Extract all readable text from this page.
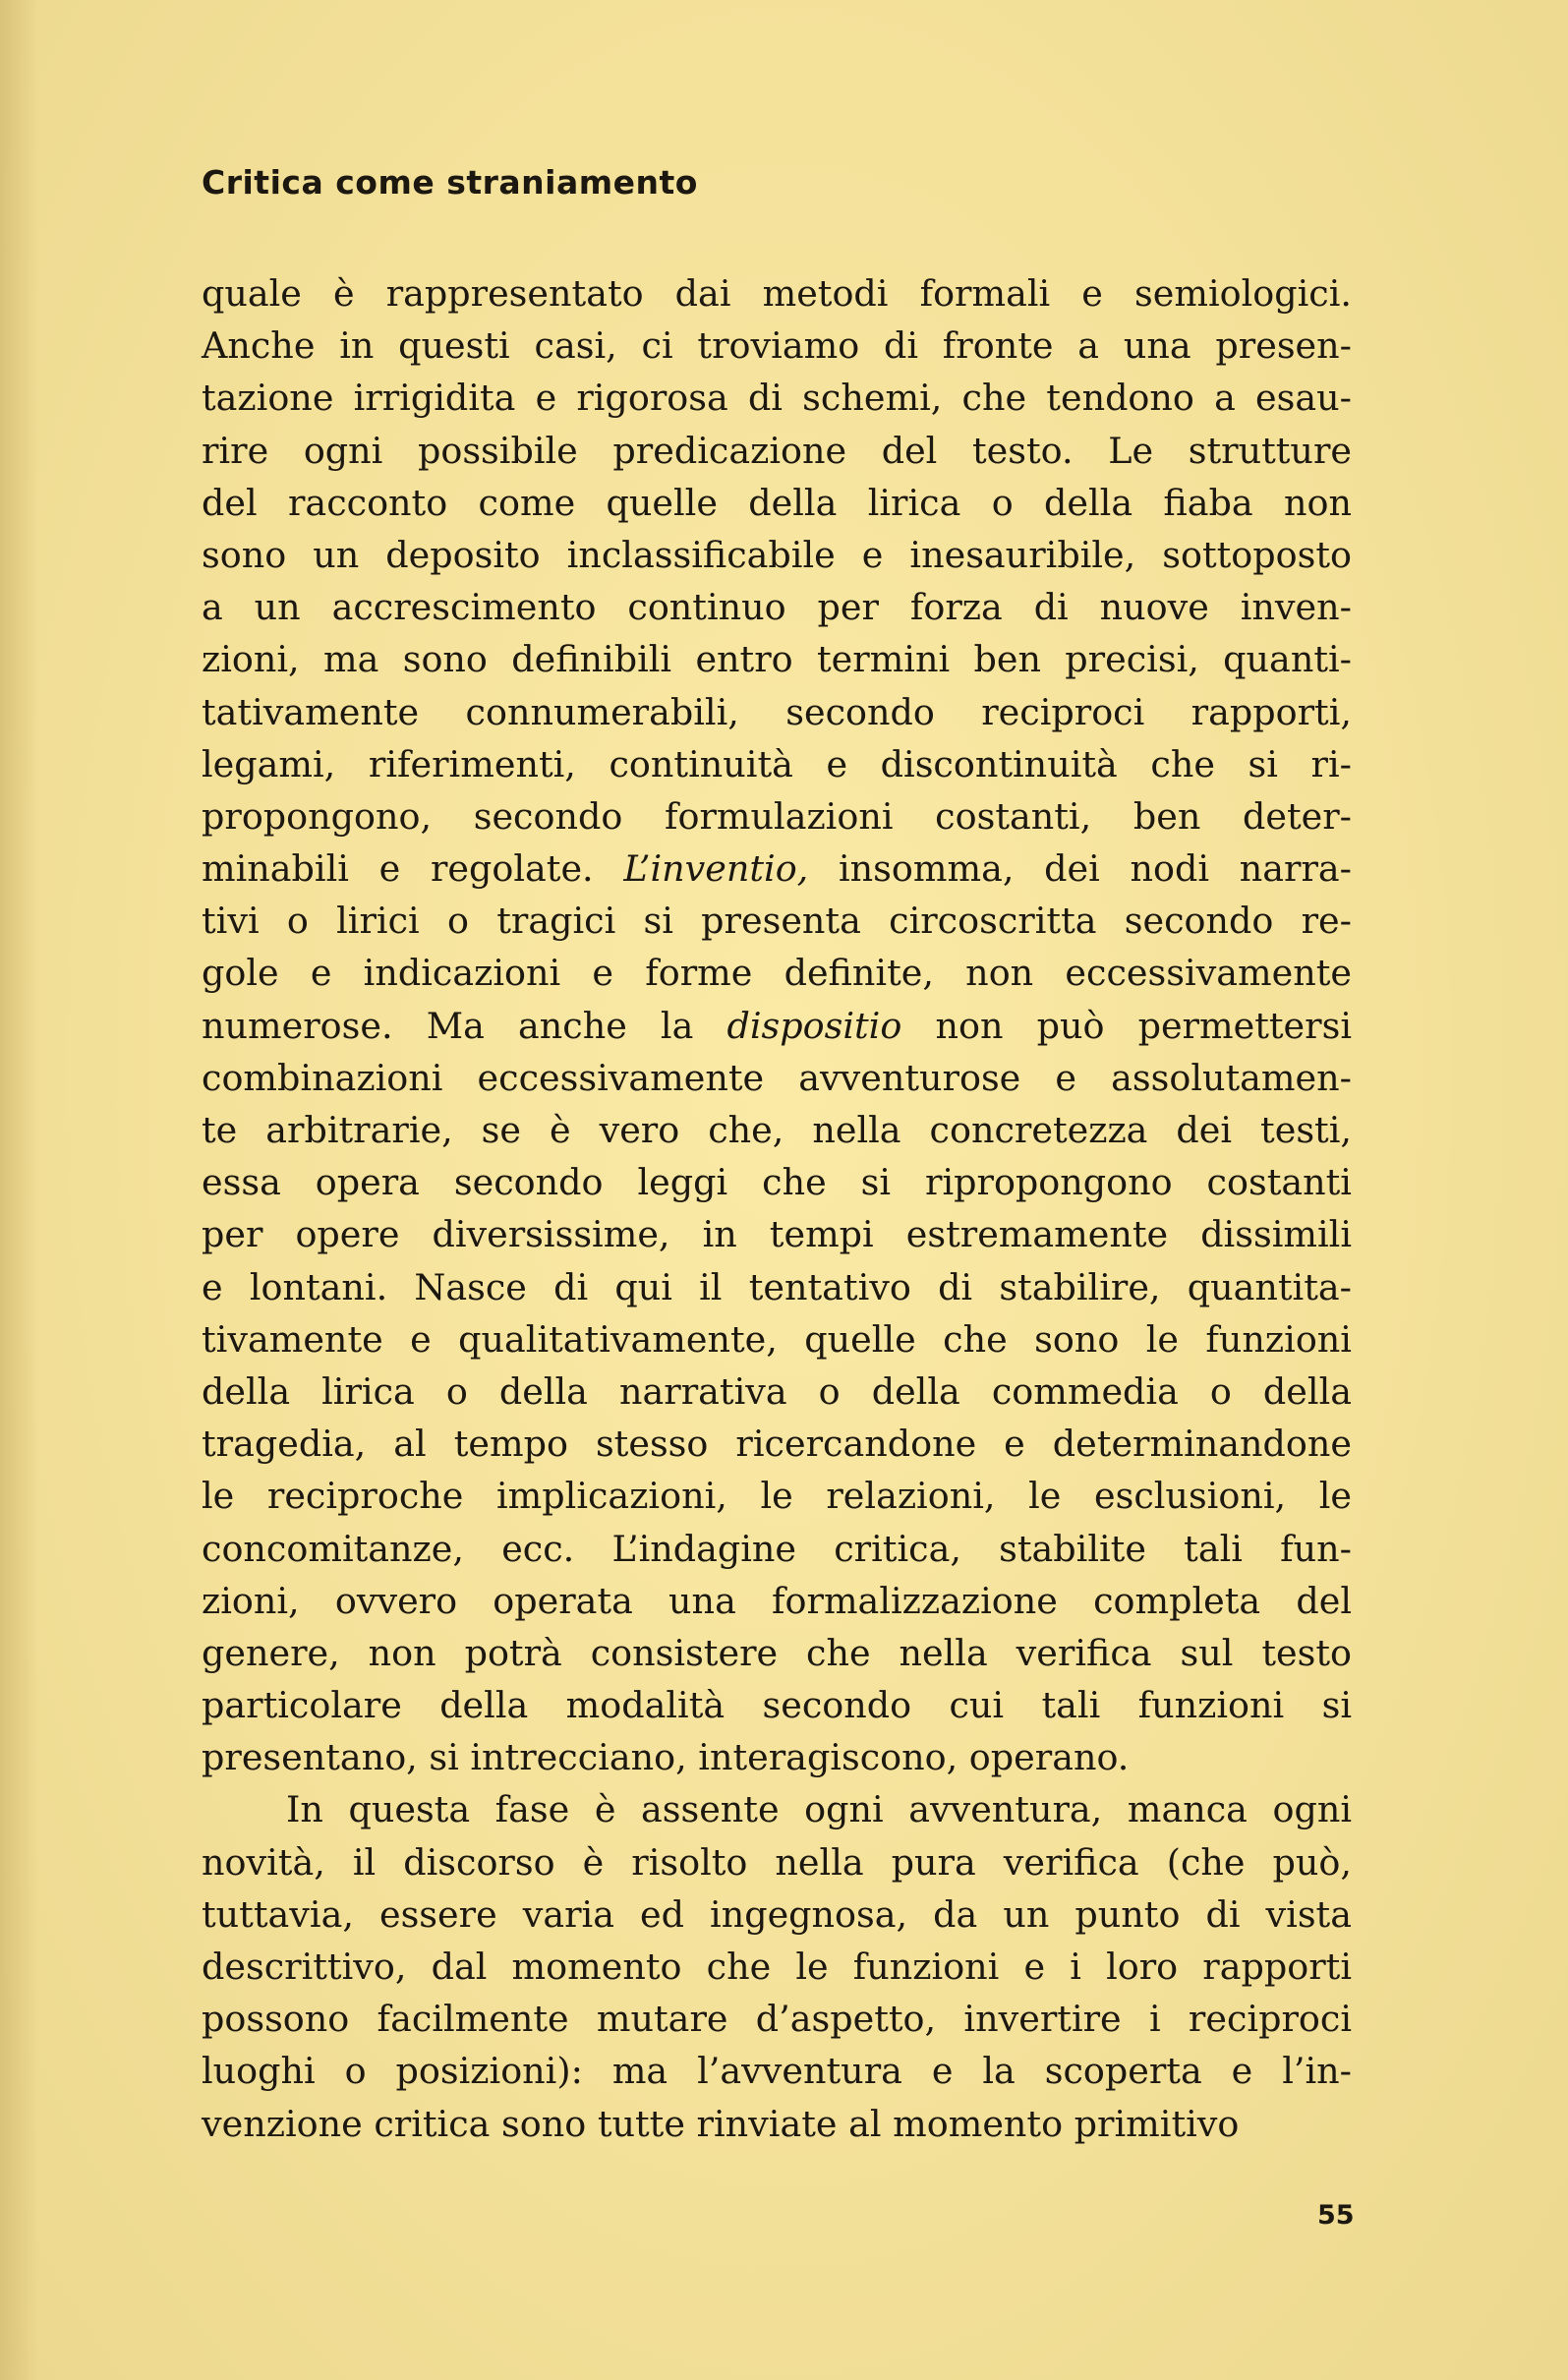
Critica come straniamento
quale è rappresentato dai metodi formali e semiologici.
Anche in questi casi, ci troviamo di fronte a una presen-
tazione irrigidita e rigorosa di schemi, che tendono a esau-
rire ogni possibile predicazione del testo. Le strutture
del racconto come quelle della lirica o della fiaba non
sono un deposito inclassificabile e inesauribile, sottoposto
a un accrescimento continuo per forza di nuove inven-
zioni, ma sono definibili entro termini ben precisi, quanti-
tativamente connumerabili, secondo reciproci rapporti,
legami, riferimenti, continuità e discontinuità che si ri-
propongono, secondo formulazioni costanti, ben deter-
minabili e regolate. L’inventio, insomma, dei nodi narra-
tivi o lirici o tragici si presenta circoscritta secondo re-
gole e indicazioni e forme definite, non eccessivamente
numerose. Ma anche la dispositio non può permettersi
combinazioni eccessivamente avventurose e assolutamen-
te arbitrarie, se è vero che, nella concretezza dei testi,
essa opera secondo leggi che si ripropongono costanti
per opere diversissime, in tempi estremamente dissimili
e lontani. Nasce di qui il tentativo di stabilire, quantita-
tivamente e qualitativamente, quelle che sono le funzioni
della lirica o della narrativa o della commedia o della
tragedia, al tempo stesso ricercandone e determinandone
le reciproche implicazioni, le relazioni, le esclusioni, le
concomitanze, ecc. L’indagine critica, stabilite tali fun-
zioni, ovvero operata una formalizzazione completa del
genere, non potrà consistere che nella verifica sul testo
particolare della modalità secondo cui tali funzioni si
presentano, si intrecciano, interagiscono, operano.
In questa fase è assente ogni avventura, manca ogni
novità, il discorso è risolto nella pura verifica (che può,
tuttavia, essere varia ed ingegnosa, da un punto di vista
descrittivo, dal momento che le funzioni e i loro rapporti
possono facilmente mutare d’aspetto, invertire i reciproci
luoghi o posizioni): ma l’avventura e la scoperta e l’in-
venzione critica sono tutte rinviate al momento primitivo
55
